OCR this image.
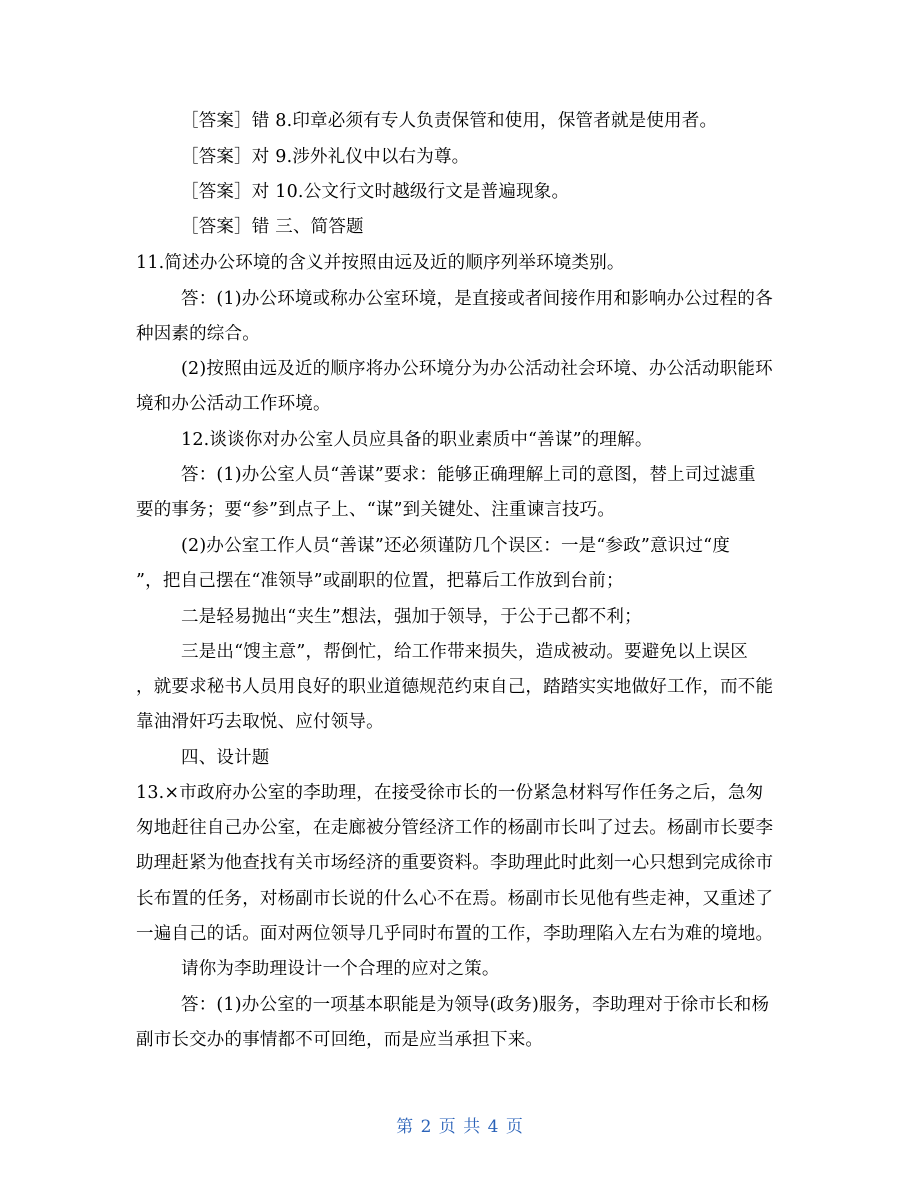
［答案］错 8.印章必须有专人负责保管和使用，保管者就是使用者。
［答案］对 9.涉外礼仪中以右为尊。
［答案］对 10.公文行文时越级行文是普遍现象。
［答案］错 三、简答题
11.简述办公环境的含义并按照由远及近的顺序列举环境类别。
答：(1)办公环境或称办公室环境，是直接或者间接作用和影响办公过程的各
种因素的综合。
(2)按照由远及近的顺序将办公环境分为办公活动社会环境、办公活动职能环
境和办公活动工作环境。
12.谈谈你对办公室人员应具备的职业素质中“善谋”的理解。
答：(1)办公室人员“善谋”要求：能够正确理解上司的意图，替上司过滤重
要的事务；要“参”到点子上、“谋”到关键处、注重谏言技巧。
(2)办公室工作人员“善谋”还必须谨防几个误区：一是“参政”意识过“度
”，把自己摆在“准领导”或副职的位置，把幕后工作放到台前；
二是轻易抛出“夹生”想法，强加于领导，于公于己都不利；
三是出“馊主意”，帮倒忙，给工作带来损失，造成被动。要避免以上误区
，就要求秘书人员用良好的职业道德规范约束自己，踏踏实实地做好工作，而不能
靠油滑奸巧去取悦、应付领导。
四、设计题
13.×市政府办公室的李助理，在接受徐市长的一份紧急材料写作任务之后，急匆
匆地赶往自己办公室，在走廊被分管经济工作的杨副市长叫了过去。杨副市长要李
助理赶紧为他查找有关市场经济的重要资料。李助理此时此刻一心只想到完成徐市
长布置的任务，对杨副市长说的什么心不在焉。杨副市长见他有些走神，又重述了
一遍自己的话。面对两位领导几乎同时布置的工作，李助理陷入左右为难的境地。
请你为李助理设计一个合理的应对之策。
答：(1)办公室的一项基本职能是为领导(政务)服务，李助理对于徐市长和杨
副市长交办的事情都不可回绝，而是应当承担下来。
第 2 页 共 4 页
